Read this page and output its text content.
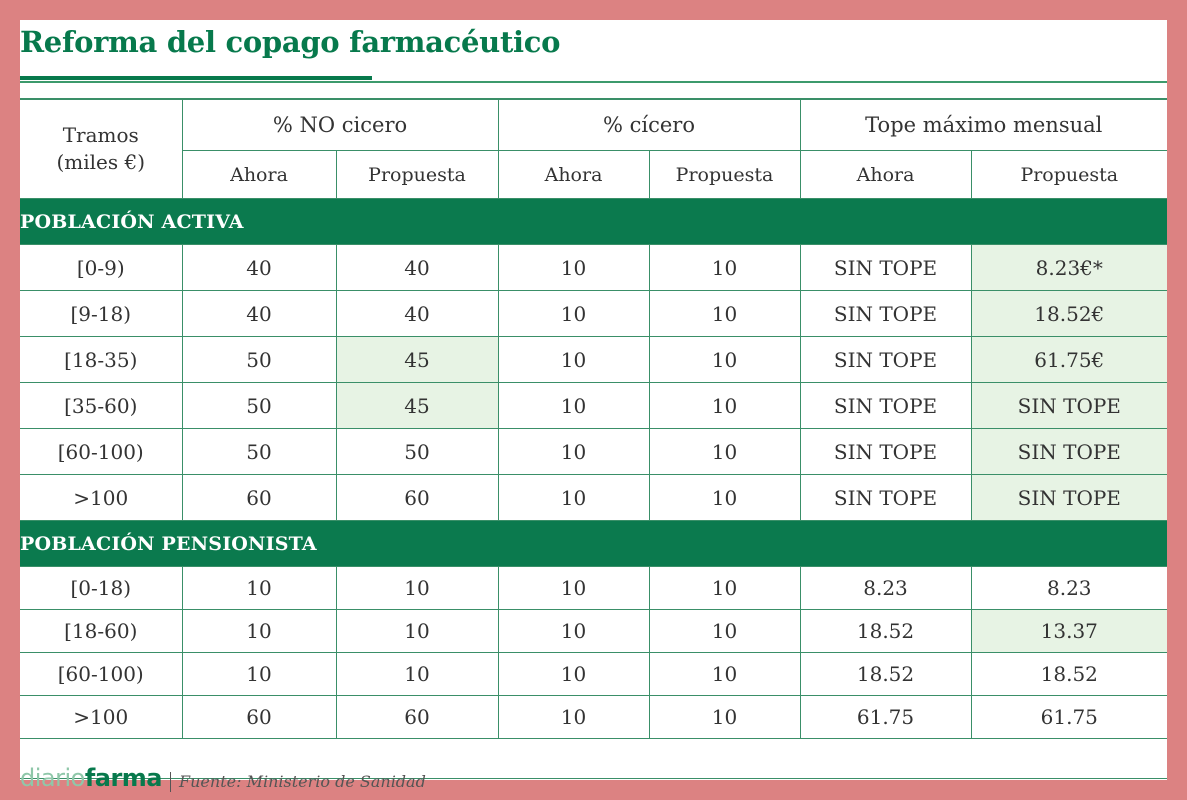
Reforma del copago farmacéutico
Tramos
(miles €)	% NO cicero		% cícero		Tope máximo mensual	
	Ahora	Propuesta	Ahora	Propuesta	Ahora	Propuesta
POBLACIÓN ACTIVA						
[0-9)	40	40	10	10	SIN TOPE	8.23€*
[9-18)	40	40	10	10	SIN TOPE	18.52€
[18-35)	50	45	10	10	SIN TOPE	61.75€
[35-60)	50	45	10	10	SIN TOPE	SIN TOPE
[60-100)	50	50	10	10	SIN TOPE	SIN TOPE
>100	60	60	10	10	SIN TOPE	SIN TOPE
POBLACIÓN PENSIONISTA						
[0-18)	10	10	10	10	8.23	8.23
[18-60)	10	10	10	10	18.52	13.37
[60-100)	10	10	10	10	18.52	18.52
>100	60	60	10	10	61.75	61.75
diariofarma Fuente: Ministerio de Sanidad
